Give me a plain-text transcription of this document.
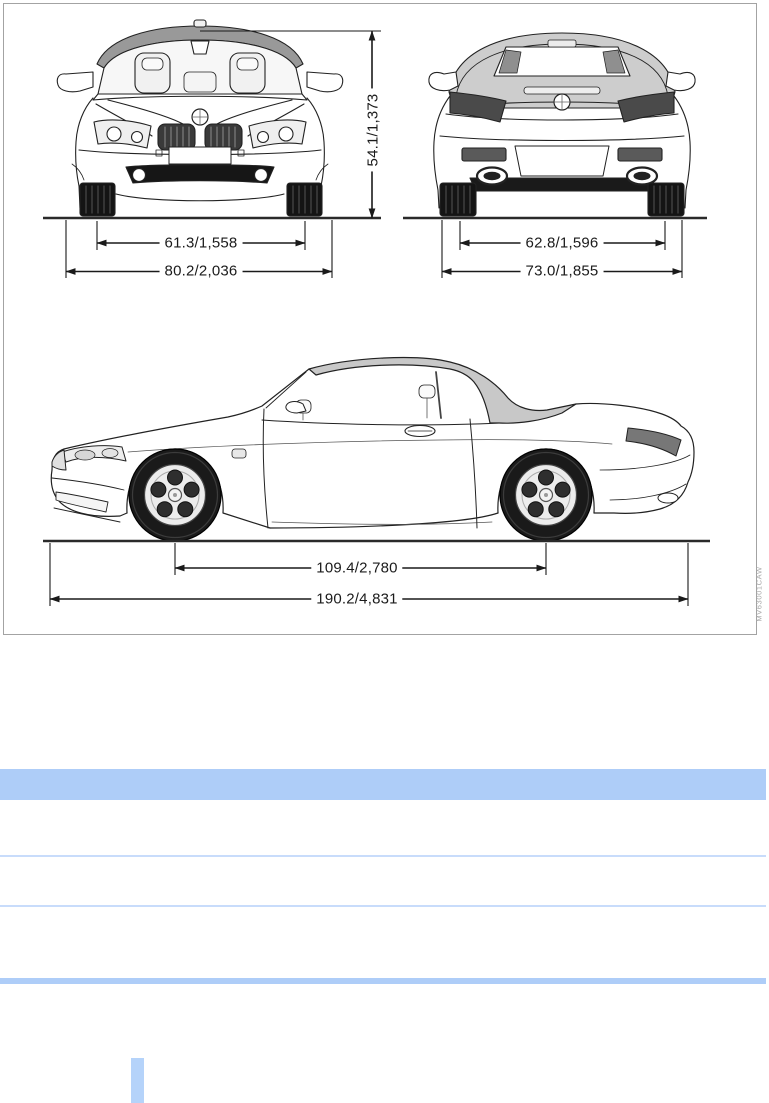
61.3/1,558
80.2/2,036
62.8/1,596
73.0/1,855
109.4/2,780
190.2/4,831
54.1/1,373
MV63001CAW
